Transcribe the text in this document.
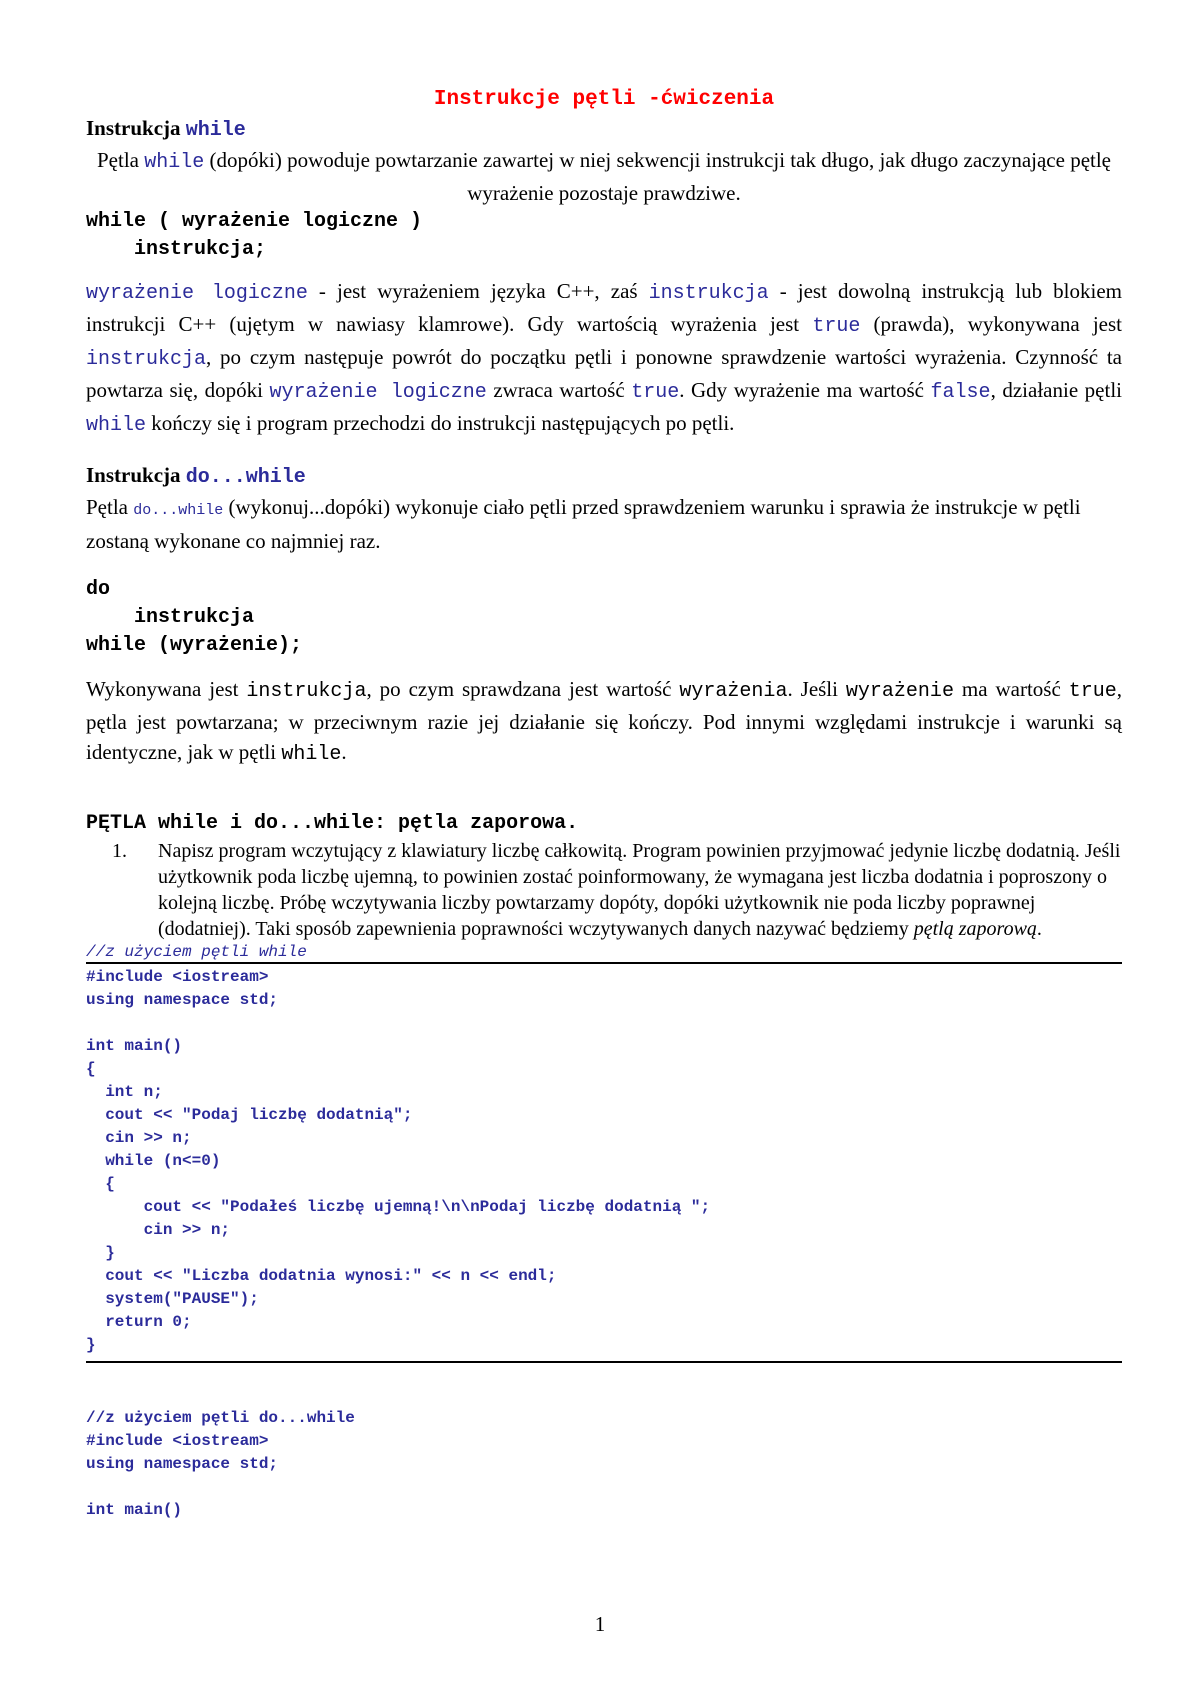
Instrukcje pętli -ćwiczenia
Instrukcja while

Pętla while (dopóki) powoduje powtarzanie zawartej w niej sekwencji instrukcji tak długo, jak długo zaczynające pętlę wyrażenie pozostaje prawdziwe.

while ( wyrażenie logiczne )
instrukcja;

wyrażenie logiczne - jest wyrażeniem języka C++, zaś instrukcja - jest dowolną instrukcją lub blokiem instrukcji C++ (ujętym w nawiasy klamrowe). Gdy wartością wyrażenia jest true (prawda), wykonywana jest instrukcja, po czym następuje powrót do początku pętli i ponowne sprawdzenie wartości wyrażenia. Czynność ta powtarza się, dopóki wyrażenie logiczne zwraca wartość true. Gdy wyrażenie ma wartość false, działanie pętli while kończy się i program przechodzi do instrukcji następujących po pętli.

Instrukcja do...while

Pętla do...while (wykonuj...dopóki) wykonuje ciało pętli przed sprawdzeniem warunku i sprawia że instrukcje w pętli zostaną wykonane co najmniej raz.

do
instrukcja
while (wyrażenie);

Wykonywana jest instrukcja, po czym sprawdzana jest wartość wyrażenia. Jeśli wyrażenie ma wartość true, pętla jest powtarzana; w przeciwnym razie jej działanie się kończy. Pod innymi względami instrukcje i warunki są identyczne, jak w pętli while.

PĘTLA while i do...while: pętla zaporowa.
1. Napisz program wczytujący z klawiatury liczbę całkowitą. Program powinien przyjmować jedynie liczbę dodatnią. Jeśli użytkownik poda liczbę ujemną, to powinien zostać poinformowany, że wymagana jest liczba dodatnia i poproszony o kolejną liczbę. Próbę wczytywania liczby powtarzamy dopóty, dopóki użytkownik nie poda liczby poprawnej (dodatniej). Taki sposób zapewnienia poprawności wczytywanych danych nazywać będziemy pętlą zaporową.
//z użyciem pętli while
#include <iostream>
using namespace std;

int main()
{
int n;
cout << "Podaj liczbę dodatnią";
cin >> n;
while (n<=0)
{
cout << "Podałeś liczbę ujemną!\n\nPodaj liczbę dodatnią ";
cin >> n;
}
cout << "Liczba dodatnia wynosi:" << n << endl;
system("PAUSE");
return 0;
}
//z użyciem pętli do...while
#include <iostream>
using namespace std;

int main()
1
